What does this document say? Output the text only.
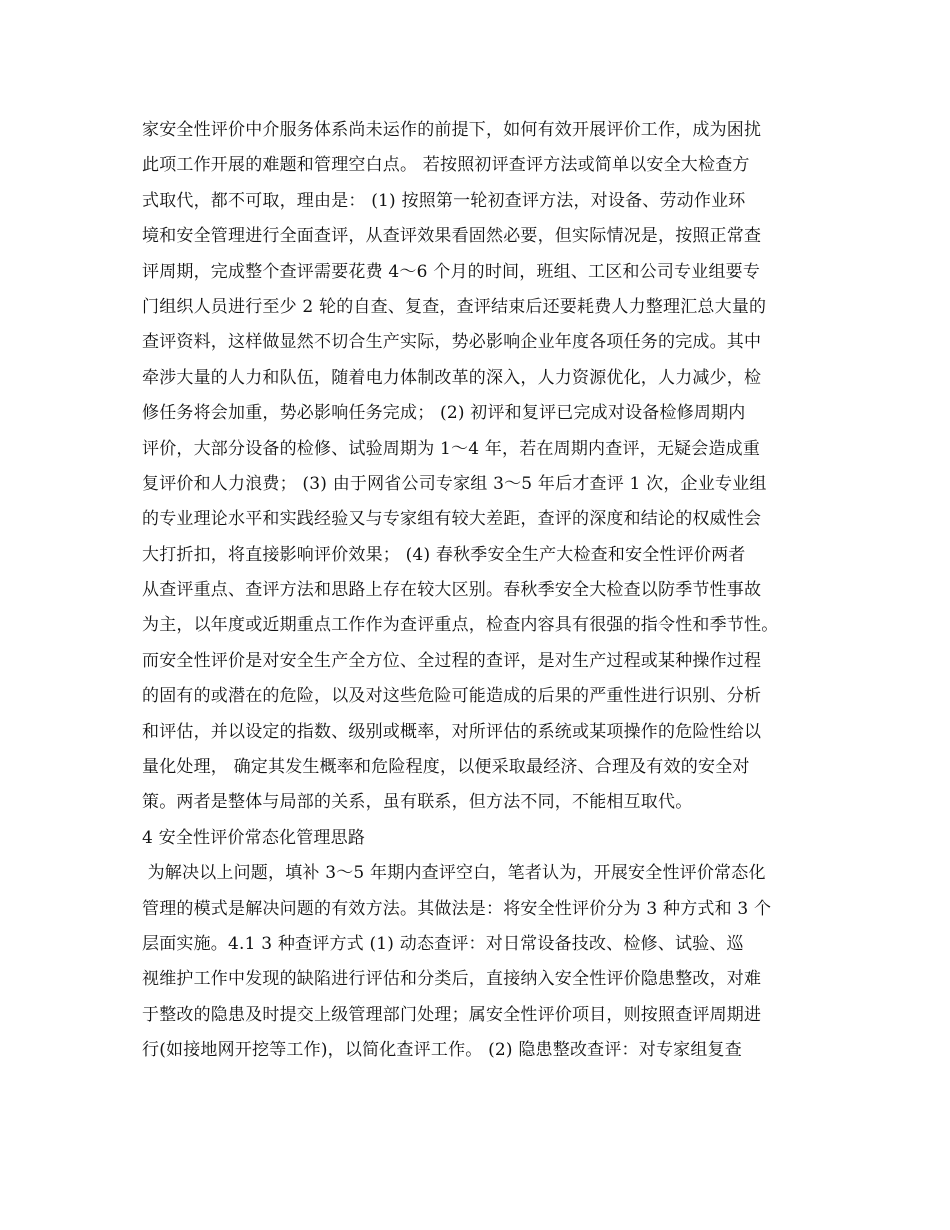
家安全性评价中介服务体系尚未运作的前提下，如何有效开展评价工作，成为困扰
此项工作开展的难题和管理空白点。 若按照初评查评方法或简单以安全大检查方
式取代，都不可取，理由是： (1) 按照第一轮初查评方法，对设备、劳动作业环
境和安全管理进行全面查评，从查评效果看固然必要，但实际情况是，按照正常查
评周期，完成整个查评需要花费 4～6 个月的时间，班组、工区和公司专业组要专
门组织人员进行至少 2 轮的自查、复查，查评结束后还要耗费人力整理汇总大量的
查评资料，这样做显然不切合生产实际，势必影响企业年度各项任务的完成。其中
牵涉大量的人力和队伍，随着电力体制改革的深入，人力资源优化，人力减少，检
修任务将会加重，势必影响任务完成； (2) 初评和复评已完成对设备检修周期内
评价，大部分设备的检修、试验周期为 1～4 年，若在周期内查评，无疑会造成重
复评价和人力浪费； (3) 由于网省公司专家组 3～5 年后才查评 1 次，企业专业组
的专业理论水平和实践经验又与专家组有较大差距，查评的深度和结论的权威性会
大打折扣，将直接影响评价效果； (4) 春秋季安全生产大检查和安全性评价两者
从查评重点、查评方法和思路上存在较大区别。春秋季安全大检查以防季节性事故
为主，以年度或近期重点工作作为查评重点，检查内容具有很强的指令性和季节性。
而安全性评价是对安全生产全方位、全过程的查评，是对生产过程或某种操作过程
的固有的或潜在的危险，以及对这些危险可能造成的后果的严重性进行识别、分析
和评估，并以设定的指数、级别或概率，对所评估的系统或某项操作的危险性给以
量化处理， 确定其发生概率和危险程度，以便采取最经济、合理及有效的安全对
策。两者是整体与局部的关系，虽有联系，但方法不同，不能相互取代。
4 安全性评价常态化管理思路
为解决以上问题，填补 3～5 年期内查评空白，笔者认为，开展安全性评价常态化
管理的模式是解决问题的有效方法。其做法是：将安全性评价分为 3 种方式和 3 个
层面实施。4.1 3 种查评方式 (1) 动态查评：对日常设备技改、检修、试验、巡
视维护工作中发现的缺陷进行评估和分类后，直接纳入安全性评价隐患整改，对难
于整改的隐患及时提交上级管理部门处理；属安全性评价项目，则按照查评周期进
行(如接地网开挖等工作)，以简化查评工作。 (2) 隐患整改查评：对专家组复查
